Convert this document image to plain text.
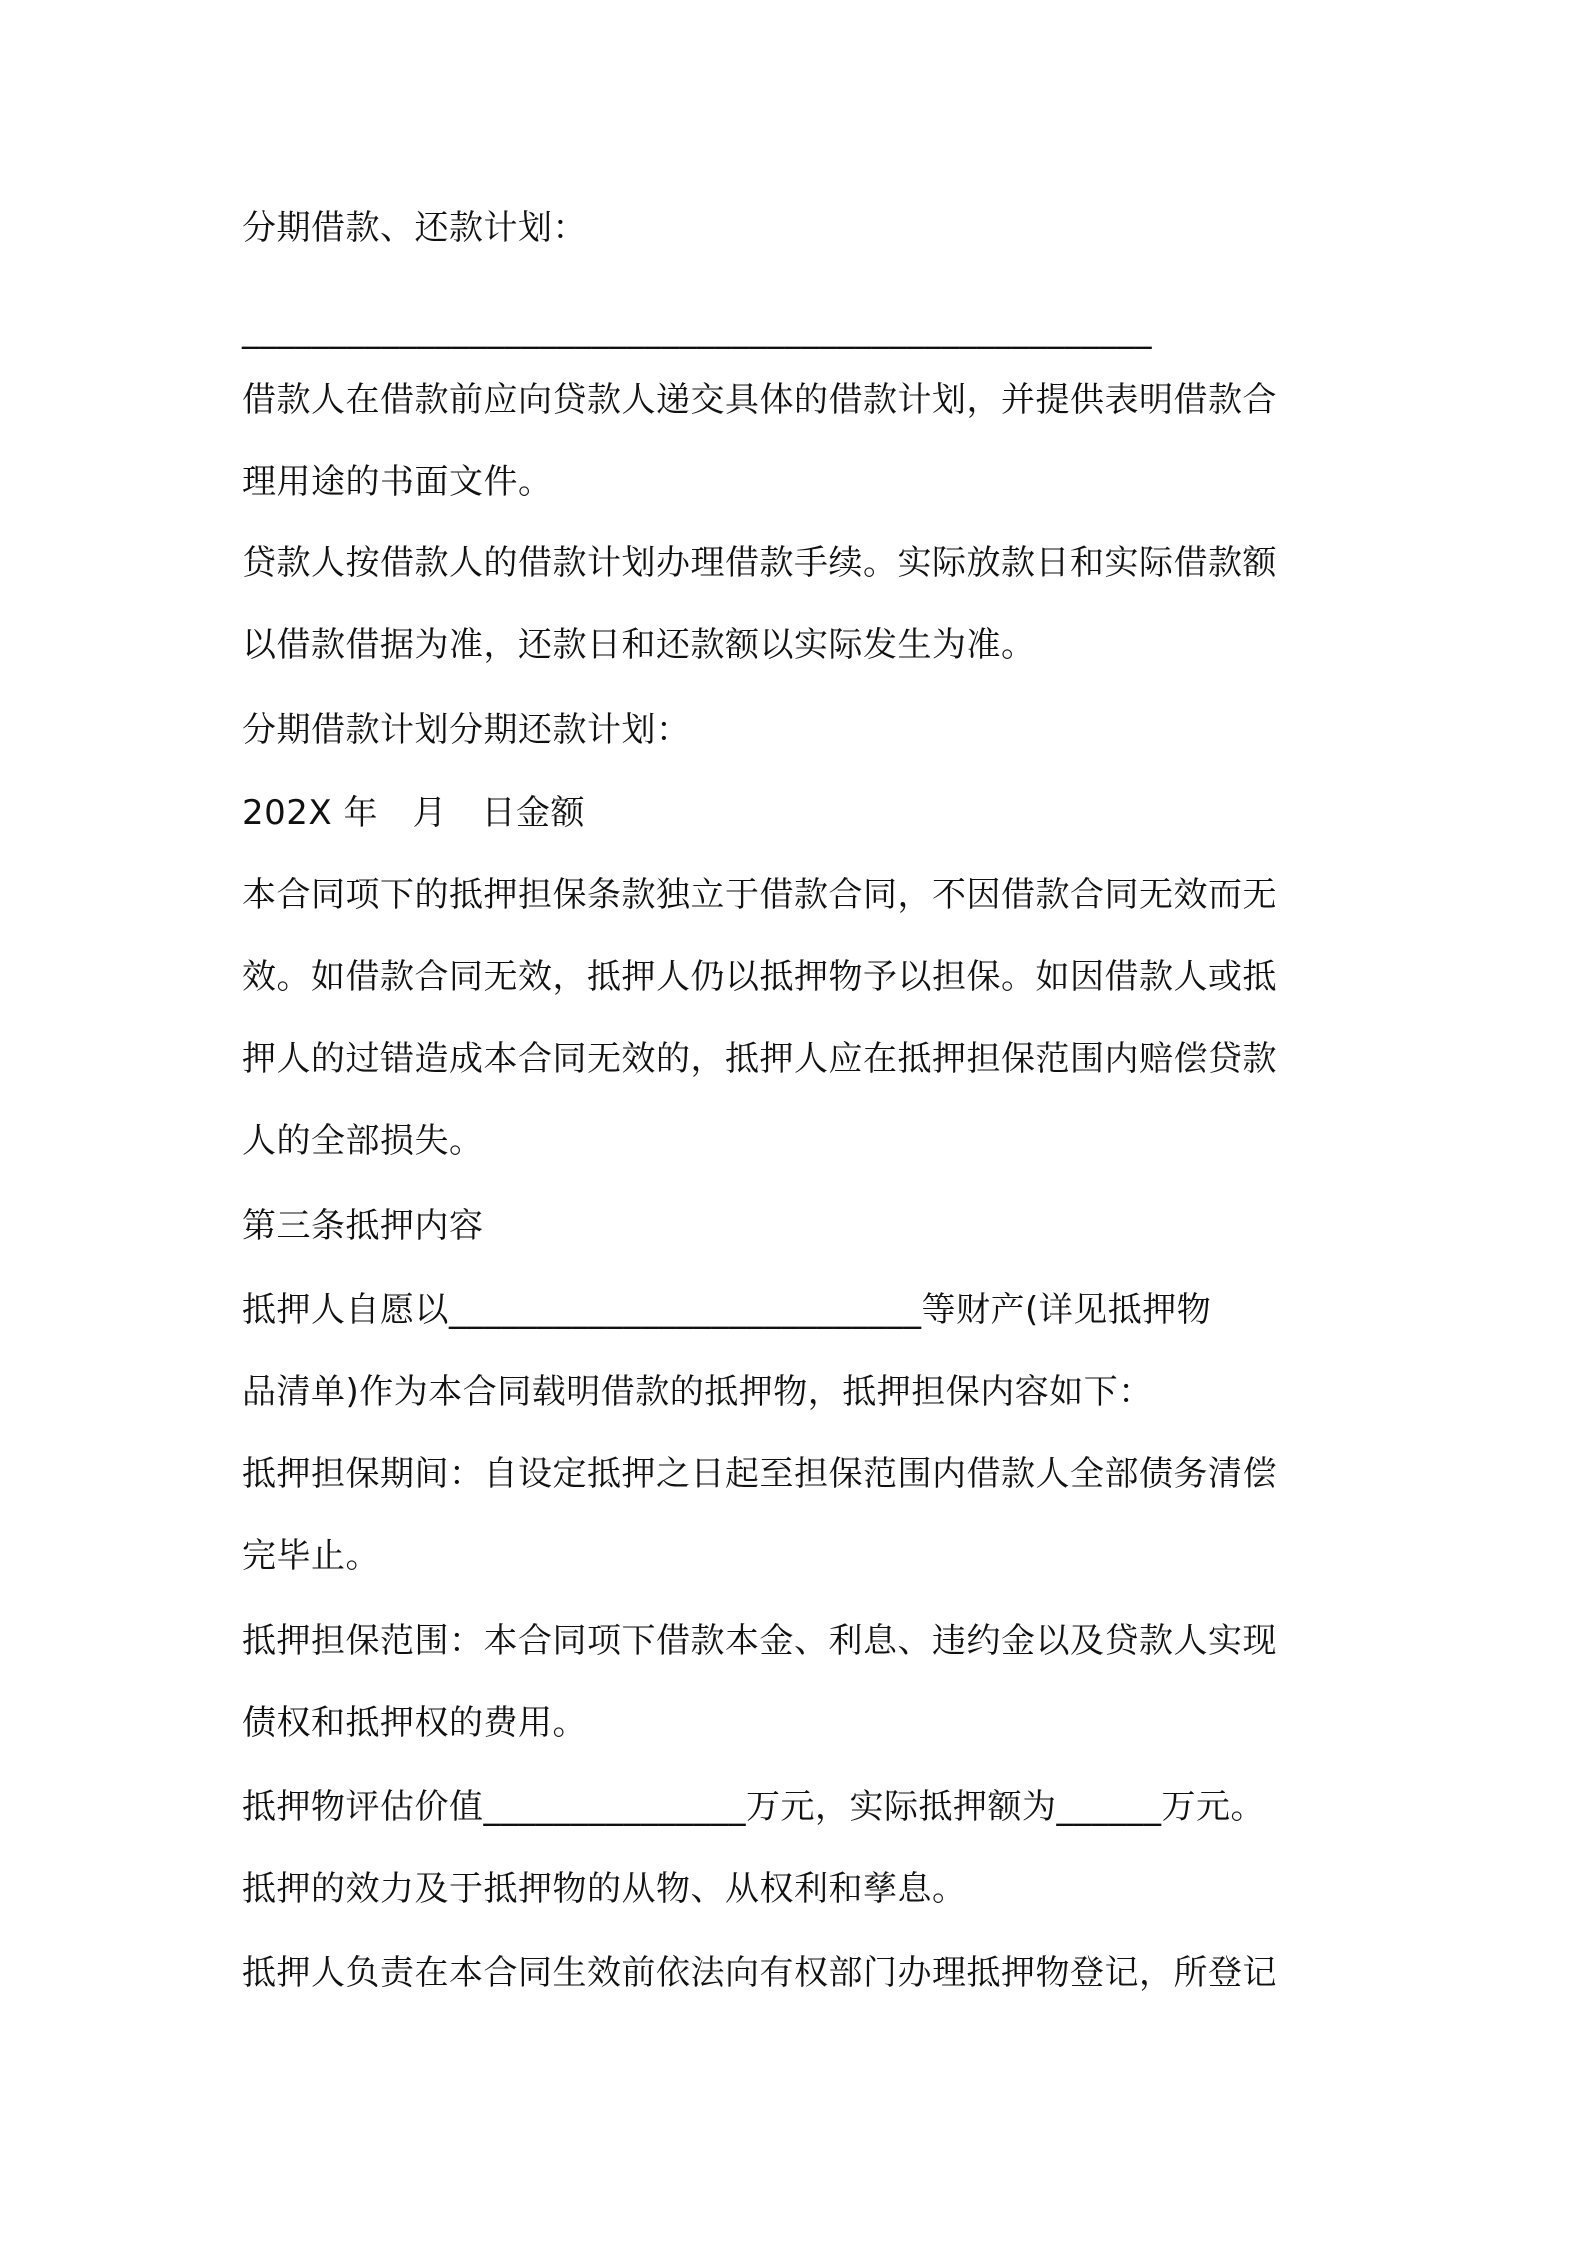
分期借款、还款计划：
____________________________________________________
借款人在借款前应向贷款人递交具体的借款计划，并提供表明借款合
理用途的书面文件。
贷款人按借款人的借款计划办理借款手续。实际放款日和实际借款额
以借款借据为准，还款日和还款额以实际发生为准。
分期借款计划分期还款计划：
202X 年　月　日金额
本合同项下的抵押担保条款独立于借款合同，不因借款合同无效而无
效。如借款合同无效，抵押人仍以抵押物予以担保。如因借款人或抵
押人的过错造成本合同无效的，抵押人应在抵押担保范围内赔偿贷款
人的全部损失。
第三条抵押内容
抵押人自愿以___________________________等财产(详见抵押物
品清单)作为本合同载明借款的抵押物，抵押担保内容如下：
抵押担保期间：自设定抵押之日起至担保范围内借款人全部债务清偿
完毕止。
抵押担保范围：本合同项下借款本金、利息、违约金以及贷款人实现
债权和抵押权的费用。
抵押物评估价值_______________万元，实际抵押额为______万元。
抵押的效力及于抵押物的从物、从权利和孳息。
抵押人负责在本合同生效前依法向有权部门办理抵押物登记，所登记
